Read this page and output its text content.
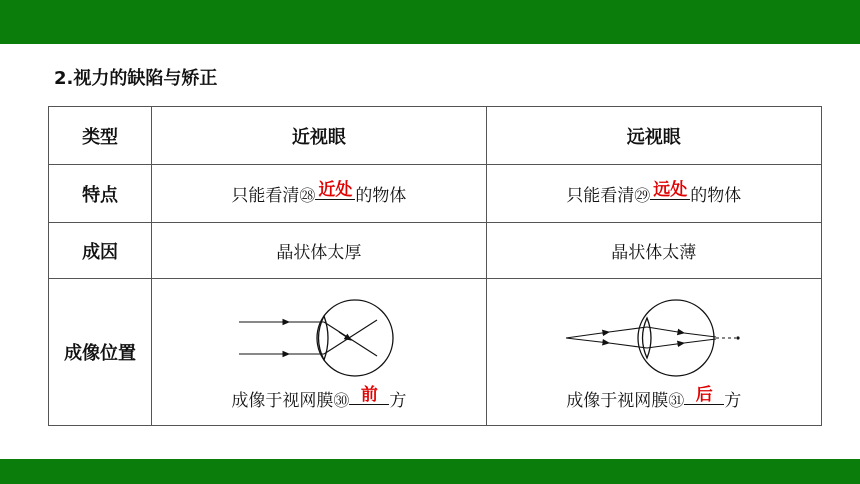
2.视力的缺陷与矫正
类型	近视眼	远视眼
特点	只能看清㉘ 近处 的物体	只能看清㉙ 远处 的物体
成因	晶状体太厚	晶状体太薄
成像位置	成像于视网膜㉚ 前 方	成像于视网膜㉛ 后 方
